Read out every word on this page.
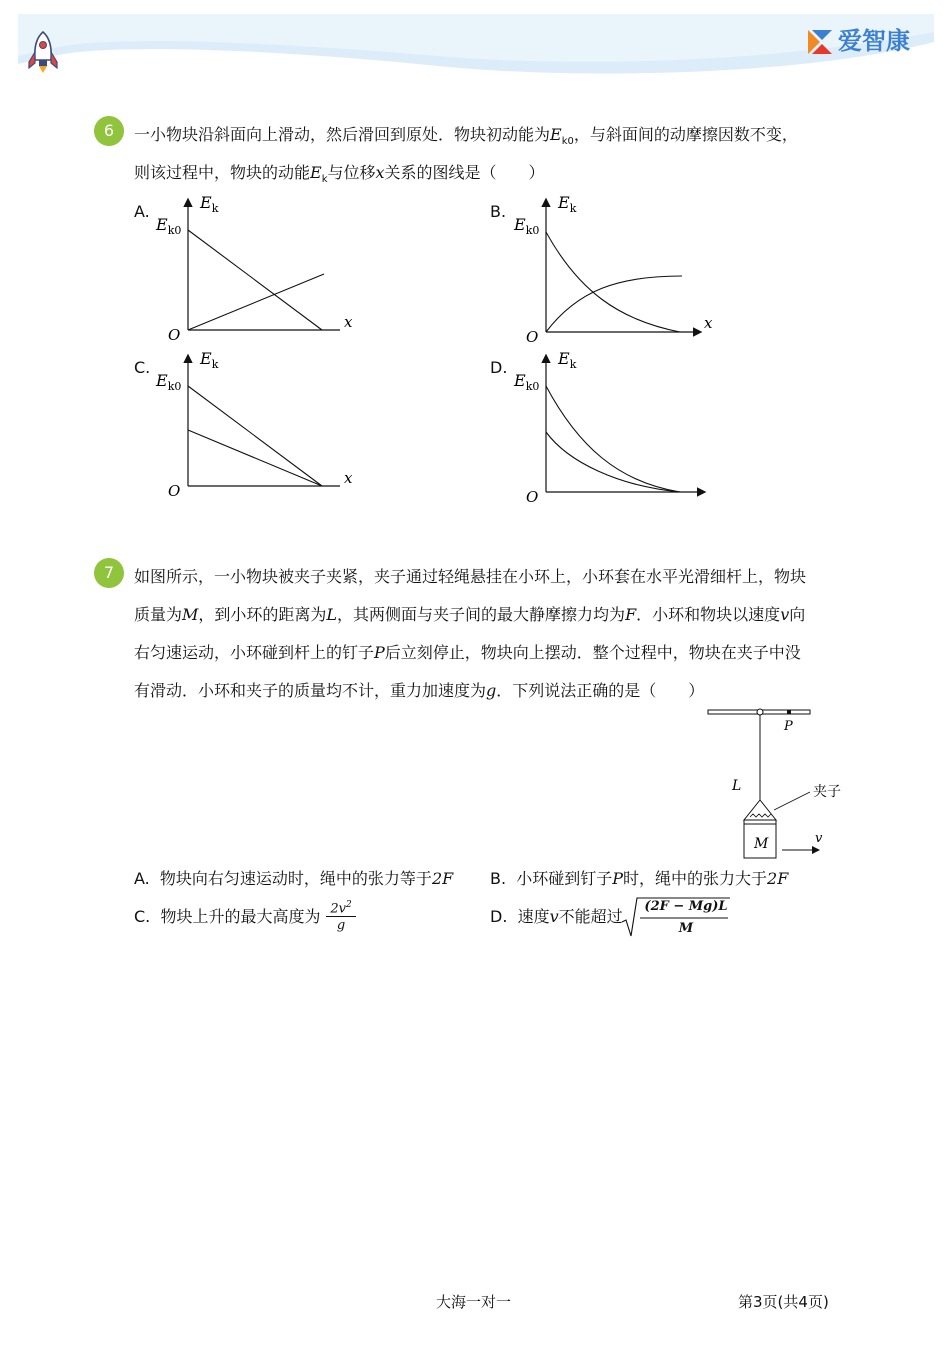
爱智康
6	一小物块沿斜面向上滑动，然后滑回到原处．物块初动能为$E_{k0}$，与斜面间的动摩擦因数不变，
则该过程中，物块的动能$E_k$与位移x关系的图线是（　　）
A.	B.
C.	D.
$E_k$
$E_{k0}$
x
O
$E_k$
$E_{k0}$
x
O
$E_k$
$E_{k0}$
x
O
$E_k$
$E_{k0}$
O
7	如图所示，一小物块被夹子夹紧，夹子通过轻绳悬挂在小环上，小环套在水平光滑细杆上，物块
质量为M，到小环的距离为L，其两侧面与夹子间的最大静摩擦力均为F．小环和物块以速度v向
右匀速运动，小环碰到杆上的钉子P后立刻停止，物块向上摆动．整个过程中，物块在夹子中没
有滑动．小环和夹子的质量均不计，重力加速度为g．下列说法正确的是（　　）
P
L	夹子
M	v
A. 物块向右匀速运动时，绳中的张力等于2F B. 小环碰到钉子P时，绳中的张力大于2F
C. 物块上升的最大高度为 $\frac{2v^2}{g}$	D. 速度v不能超过
(2F − Mg)L
M
大海一对一	第3页(共4页)
